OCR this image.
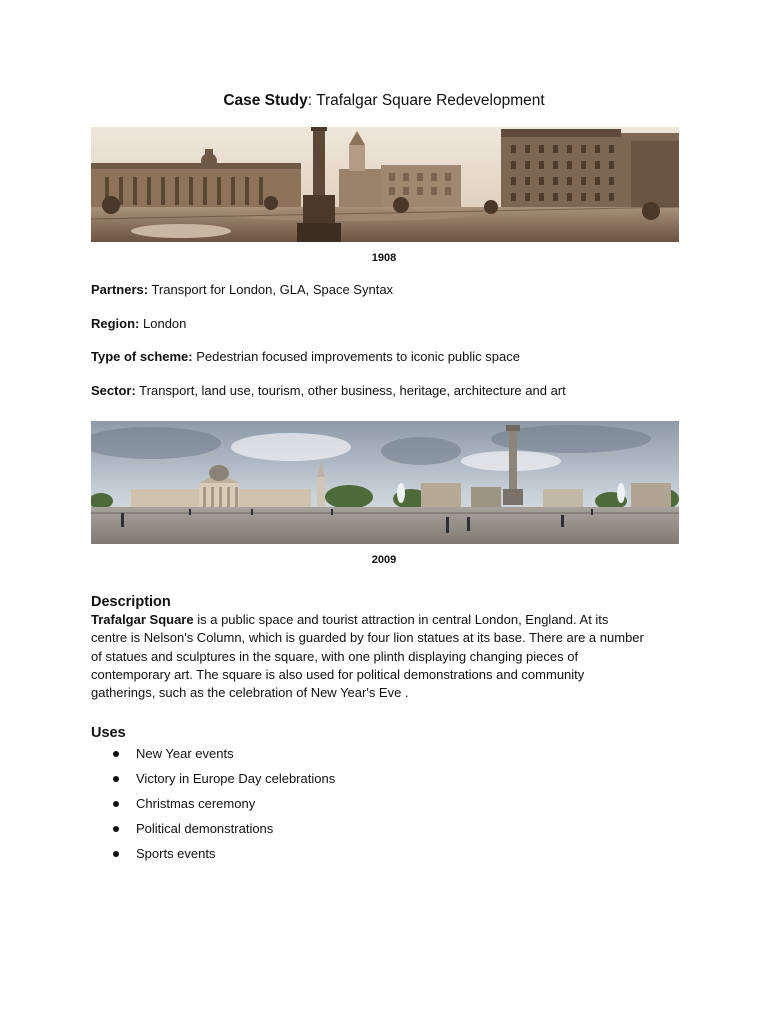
Case Study: Trafalgar Square Redevelopment
1908
Partners: Transport for London, GLA, Space Syntax
Region: London
Type of scheme: Pedestrian focused improvements to iconic public space
Sector: Transport, land use, tourism, other business, heritage, architecture and art
2009
Description
Trafalgar Square is a public space and tourist attraction in central London, England. At its
centre is Nelson's Column, which is guarded by four lion statues at its base. There are a number
of statues and sculptures in the square, with one plinth displaying changing pieces of
contemporary art. The square is also used for political demonstrations and community
gatherings, such as the celebration of New Year's Eve .
Uses
New Year events
Victory in Europe Day celebrations
Christmas ceremony
Political demonstrations
Sports events
